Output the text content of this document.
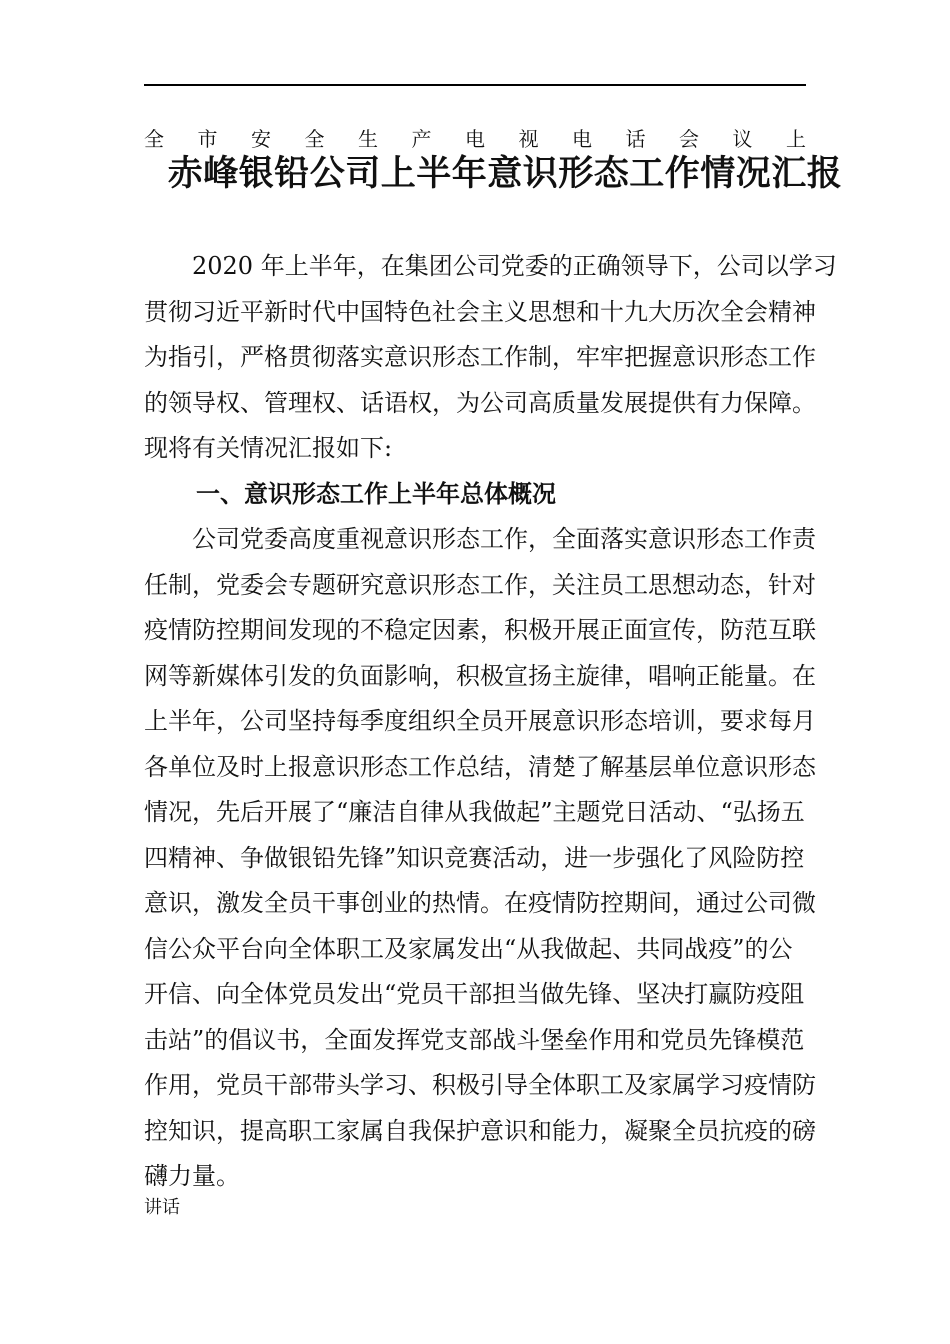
全 市 安 全 生 产 电 视 电 话 会 议 上
赤峰银铅公司上半年意识形态工作情况汇报
2020 年上半年，在集团公司党委的正确领导下，公司以学习
贯彻习近平新时代中国特色社会主义思想和十九大历次全会精神
为指引，严格贯彻落实意识形态工作制，牢牢把握意识形态工作
的领导权、管理权、话语权，为公司高质量发展提供有力保障。
现将有关情况汇报如下:
一、意识形态工作上半年总体概况
公司党委高度重视意识形态工作，全面落实意识形态工作责
任制，党委会专题研究意识形态工作，关注员工思想动态，针对
疫情防控期间发现的不稳定因素，积极开展正面宣传，防范互联
网等新媒体引发的负面影响，积极宣扬主旋律，唱响正能量。在
上半年，公司坚持每季度组织全员开展意识形态培训，要求每月
各单位及时上报意识形态工作总结，清楚了解基层单位意识形态
情况，先后开展了“廉洁自律从我做起”主题党日活动、“弘扬五
四精神、争做银铅先锋”知识竞赛活动，进一步强化了风险防控
意识，激发全员干事创业的热情。在疫情防控期间，通过公司微
信公众平台向全体职工及家属发出“从我做起、共同战疫”的公
开信、向全体党员发出“党员干部担当做先锋、坚决打赢防疫阻
击站”的倡议书，全面发挥党支部战斗堡垒作用和党员先锋模范
作用，党员干部带头学习、积极引导全体职工及家属学习疫情防
控知识，提高职工家属自我保护意识和能力，凝聚全员抗疫的磅
礴力量。
讲话
